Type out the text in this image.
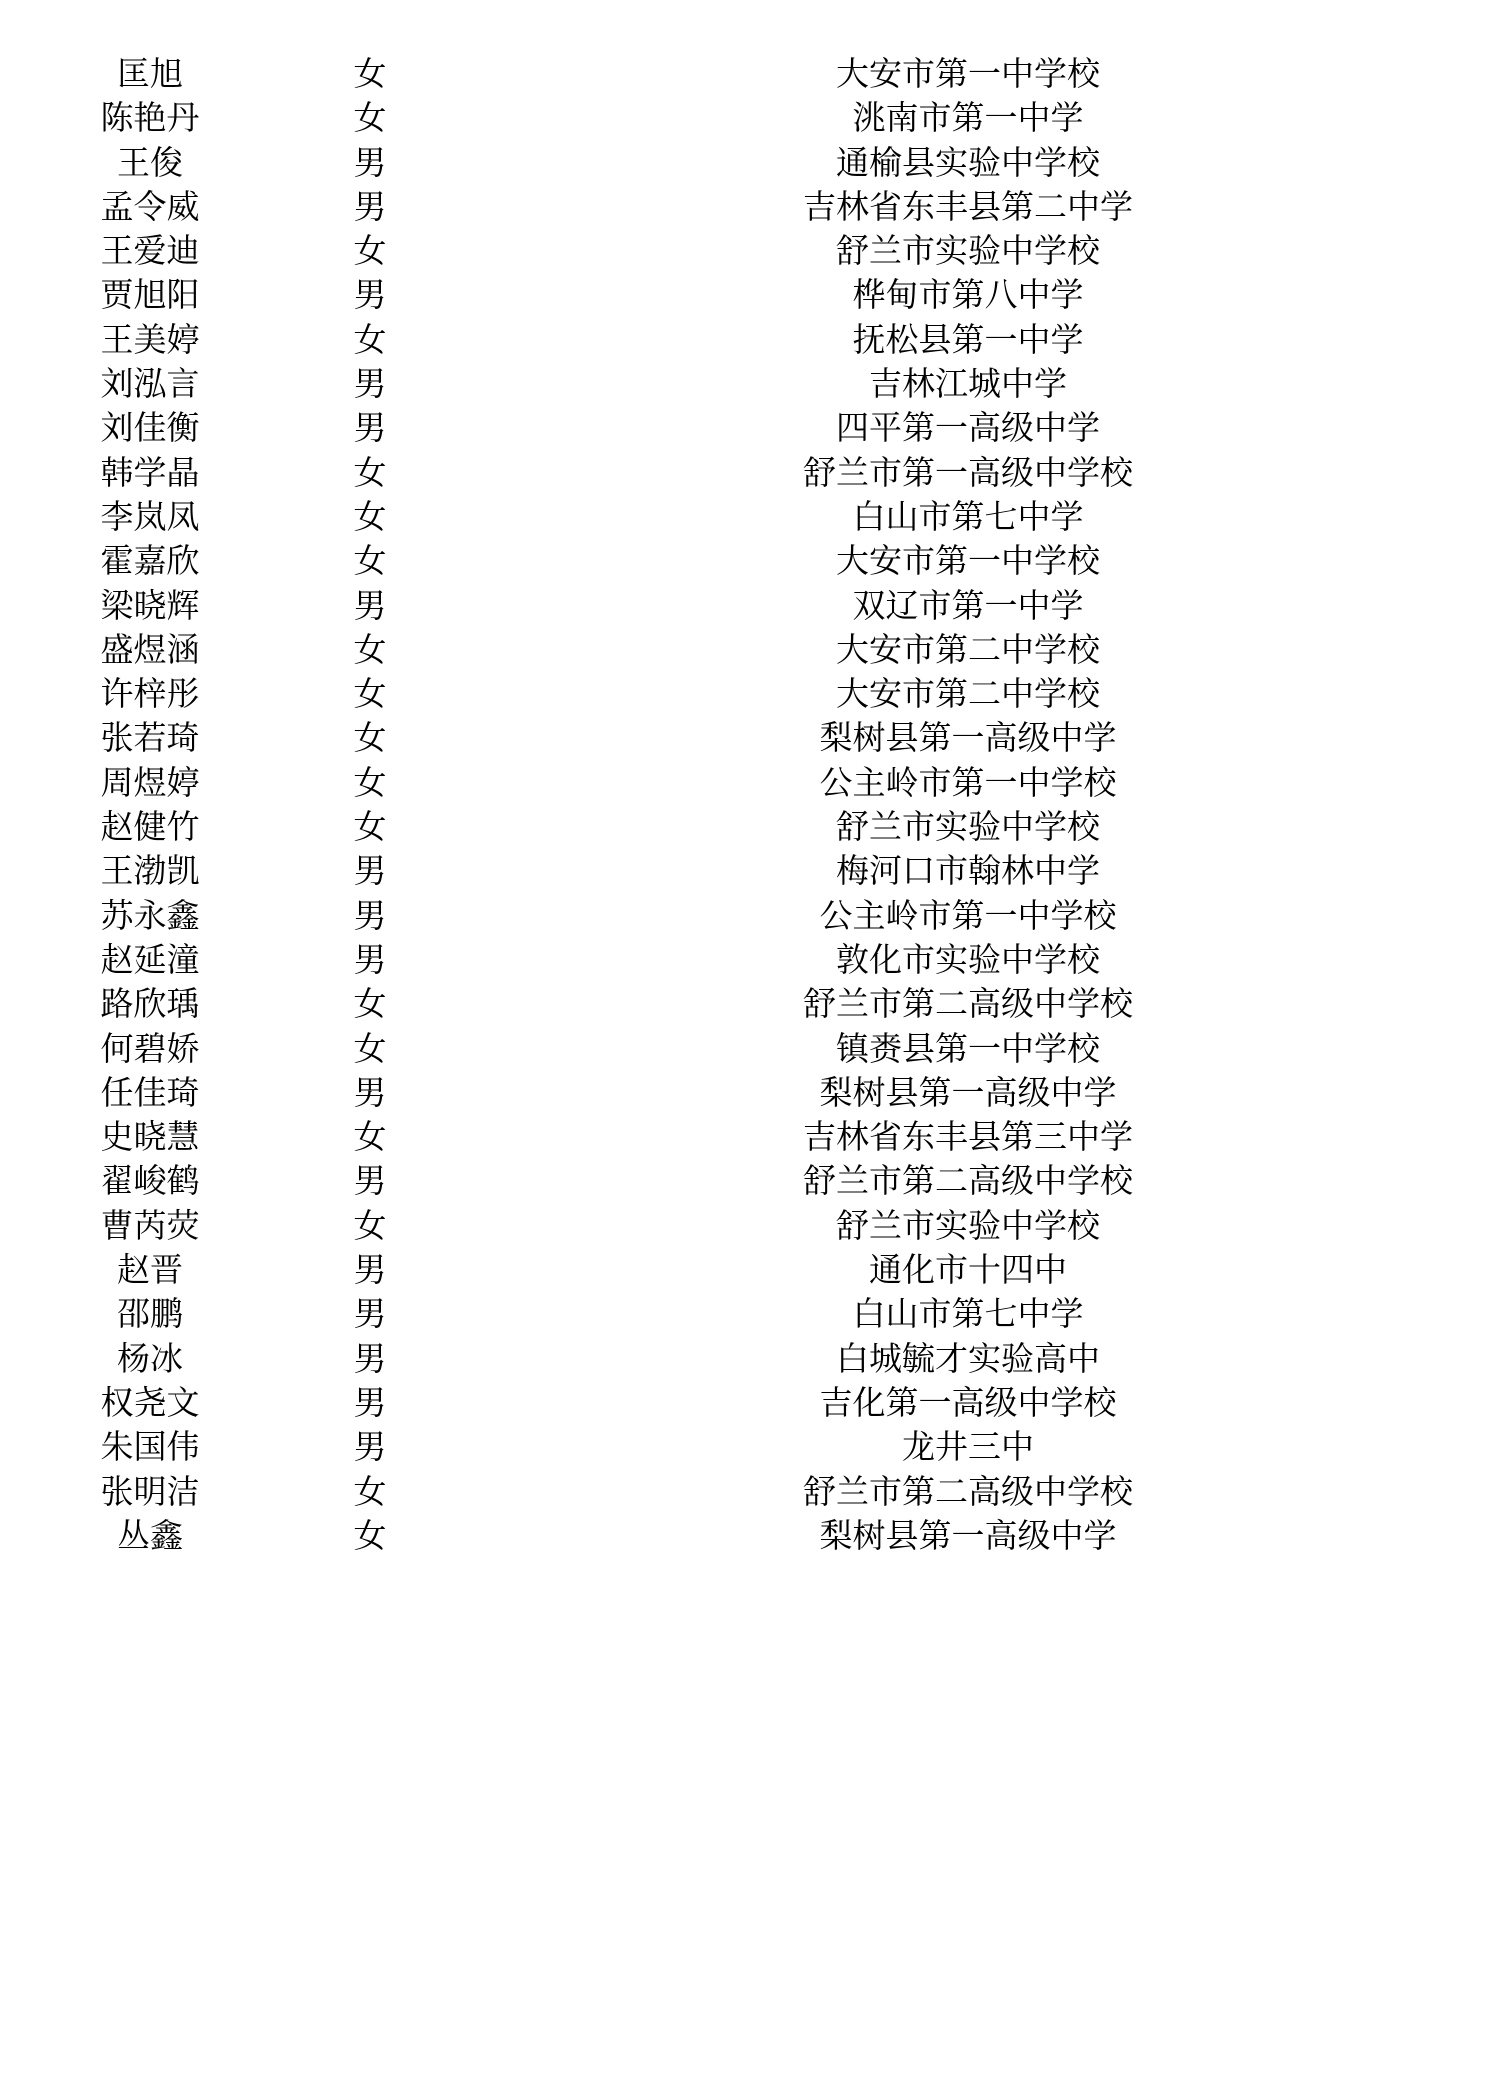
匡旭	女	大安市第一中学校
陈艳丹	女	洮南市第一中学
王俊	男	通榆县实验中学校
孟令威	男	吉林省东丰县第二中学
王爱迪	女	舒兰市实验中学校
贾旭阳	男	桦甸市第八中学
王美婷	女	抚松县第一中学
刘泓言	男	吉林江城中学
刘佳衡	男	四平第一高级中学
韩学晶	女	舒兰市第一高级中学校
李岚凤	女	白山市第七中学
霍嘉欣	女	大安市第一中学校
梁晓辉	男	双辽市第一中学
盛煜涵	女	大安市第二中学校
许梓彤	女	大安市第二中学校
张若琦	女	梨树县第一高级中学
周煜婷	女	公主岭市第一中学校
赵健竹	女	舒兰市实验中学校
王渤凯	男	梅河口市翰林中学
苏永鑫	男	公主岭市第一中学校
赵延潼	男	敦化市实验中学校
路欣瑀	女	舒兰市第二高级中学校
何碧娇	女	镇赉县第一中学校
任佳琦	男	梨树县第一高级中学
史晓慧	女	吉林省东丰县第三中学
翟峻鹤	男	舒兰市第二高级中学校
曹芮荧	女	舒兰市实验中学校
赵晋	男	通化市十四中
邵鹏	男	白山市第七中学
杨冰	男	白城毓才实验高中
权尧文	男	吉化第一高级中学校
朱国伟	男	龙井三中
张明洁	女	舒兰市第二高级中学校
丛鑫	女	梨树县第一高级中学
